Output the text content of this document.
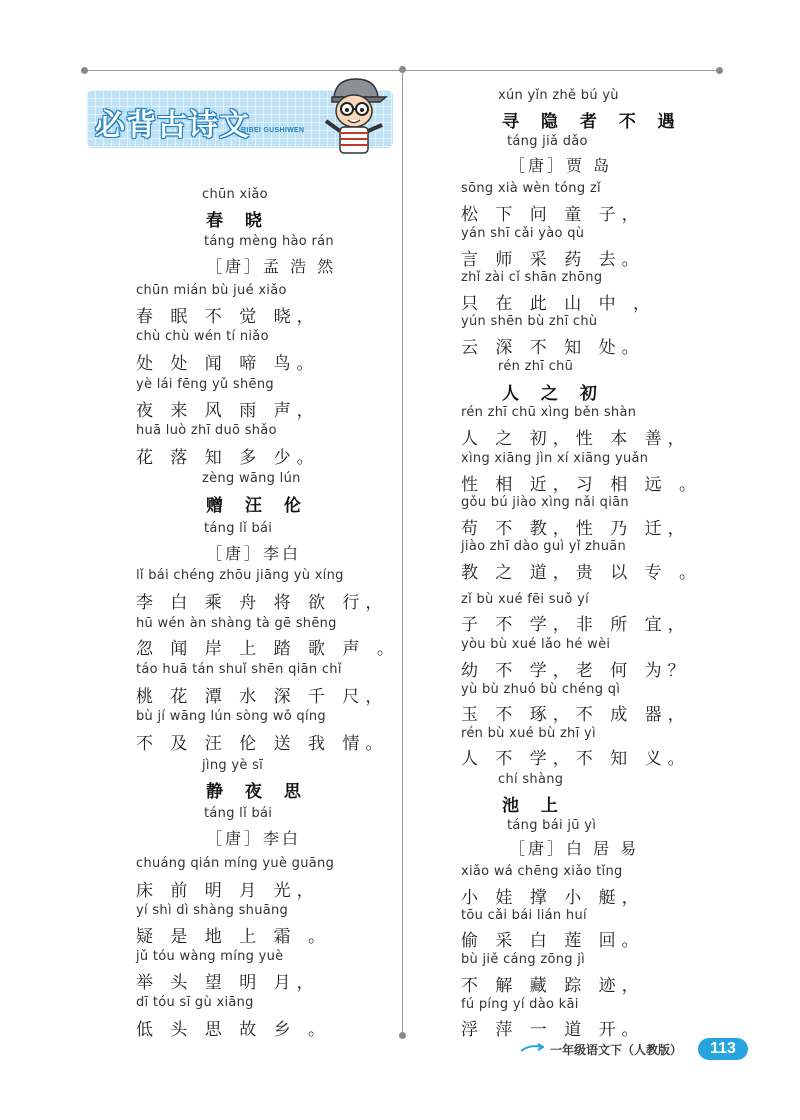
必背古诗文
BIBEI GUSHIWEN
chūn xiǎo
春 晓
táng mèng hào rán
［唐］孟 浩 然
chūn mián bù jué xiǎo
春 眠 不 觉 晓，
chù chù wén tí niǎo
处 处 闻 啼 鸟。
yè lái fēng yǔ shēng
夜 来 风 雨 声，
huā luò zhī duō shǎo
花 落 知 多 少。
zèng wāng lún
赠 汪 伦
táng lǐ bái
［唐］李白
lǐ bái chéng zhōu jiāng yù xíng
李 白 乘 舟 将 欲 行，
hū wén àn shàng tà gē shēng
忽 闻 岸 上 踏 歌 声 。
táo huā tán shuǐ shēn qiān chǐ
桃 花 潭 水 深 千 尺，
bù jí wāng lún sòng wǒ qíng
不 及 汪 伦 送 我 情。
jìng yè sī
静 夜 思
táng lǐ bái
［唐］李白
chuáng qián míng yuè guāng
床 前 明 月 光，
yí shì dì shàng shuāng
疑 是 地 上 霜 。
jǔ tóu wàng míng yuè
举 头 望 明 月，
dī tóu sī gù xiāng
低 头 思 故 乡 。
xún yǐn zhě bú yù
寻 隐 者 不 遇
táng jiǎ dǎo
［唐］贾 岛
sōng xià wèn tóng zǐ
松 下 问 童 子，
yán shī cǎi yào qù
言 师 采 药 去。
zhǐ zài cǐ shān zhōng
只 在 此 山 中 ，
yún shēn bù zhī chù
云 深 不 知 处。
rén zhī chū
人 之 初
rén zhī chū xìng běn shàn
人 之 初，性 本 善，
xìng xiāng jìn xí xiāng yuǎn
性 相 近，习 相 远 。
gǒu bú jiào xìng nǎi qiān
苟 不 教，性 乃 迁，
jiào zhī dào guì yǐ zhuān
教 之 道，贵 以 专 。
zǐ bù xué fēi suǒ yí
子 不 学，非 所 宜，
yòu bù xué lǎo hé wèi
幼 不 学，老 何 为？
yù bù zhuó bù chéng qì
玉 不 琢，不 成 器，
rén bù xué bù zhī yì
人 不 学，不 知 义。
chí shàng
池 上
táng bái jū yì
［唐］白 居 易
xiǎo wá chēng xiǎo tǐng
小 娃 撑 小 艇，
tōu cǎi bái lián huí
偷 采 白 莲 回。
bù jiě cáng zōng jì
不 解 藏 踪 迹，
fú píng yí dào kāi
浮 萍 一 道 开。
一年级语文下（人教版）	113
